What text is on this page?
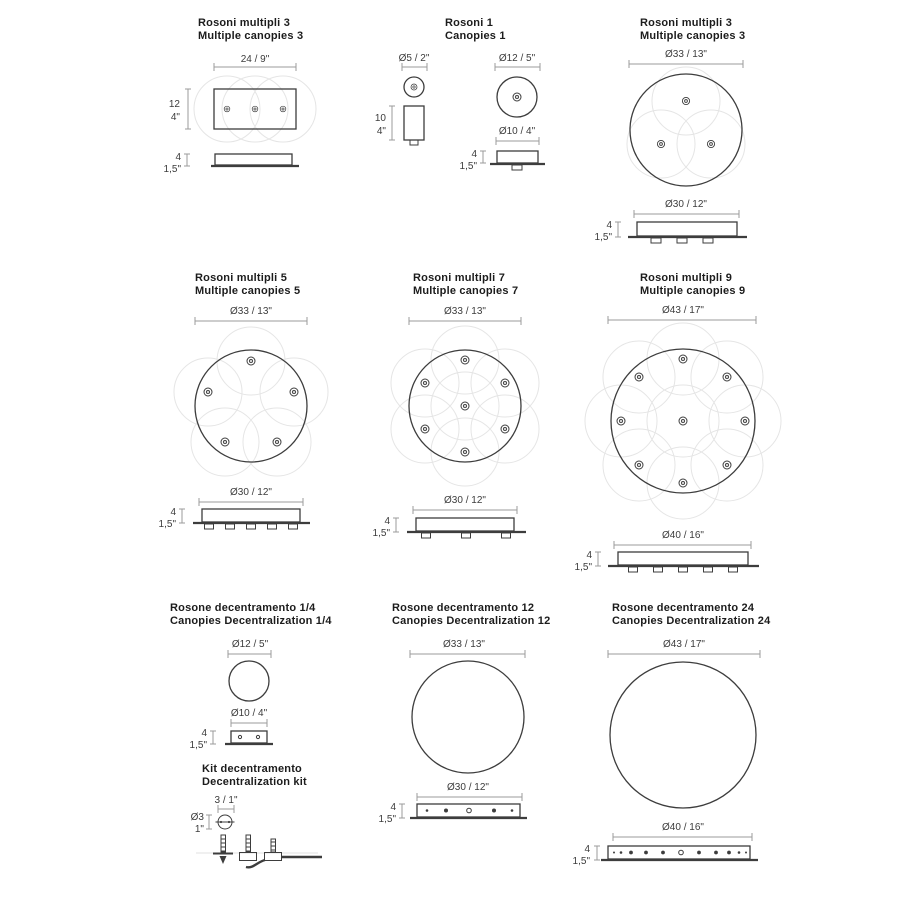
Rosoni multipli 3
Multiple canopies 3
24 / 9"
12
4"
4
1,5"
Rosoni 1
Canopies 1
Ø5 / 2"
10
4"
Ø12 / 5"
Ø10 / 4"
4
1,5"
Rosoni multipli 3
Multiple canopies 3
Ø33 / 13"
Ø30 / 12"
4
1,5"
Rosoni multipli 5
Multiple canopies 5
Ø33 / 13"
Ø30 / 12"
4
1,5"
Rosoni multipli 7
Multiple canopies 7
Ø33 / 13"
Ø30 / 12"
4
1,5"
Rosoni multipli 9
Multiple canopies 9
Ø43 / 17"
Ø40 / 16"
4
1,5"
Rosone decentramento 1/4
Canopies Decentralization 1/4
Ø12 / 5"
Ø10 / 4"
4
1,5"
Kit decentramento
Decentralization kit
3 / 1"
Ø3
1"
Rosone decentramento 12
Canopies Decentralization 12
Ø33 / 13"
Ø30 / 12"
4
1,5"
Rosone decentramento 24
Canopies Decentralization 24
Ø43 / 17"
Ø40 / 16"
4
1,5"
